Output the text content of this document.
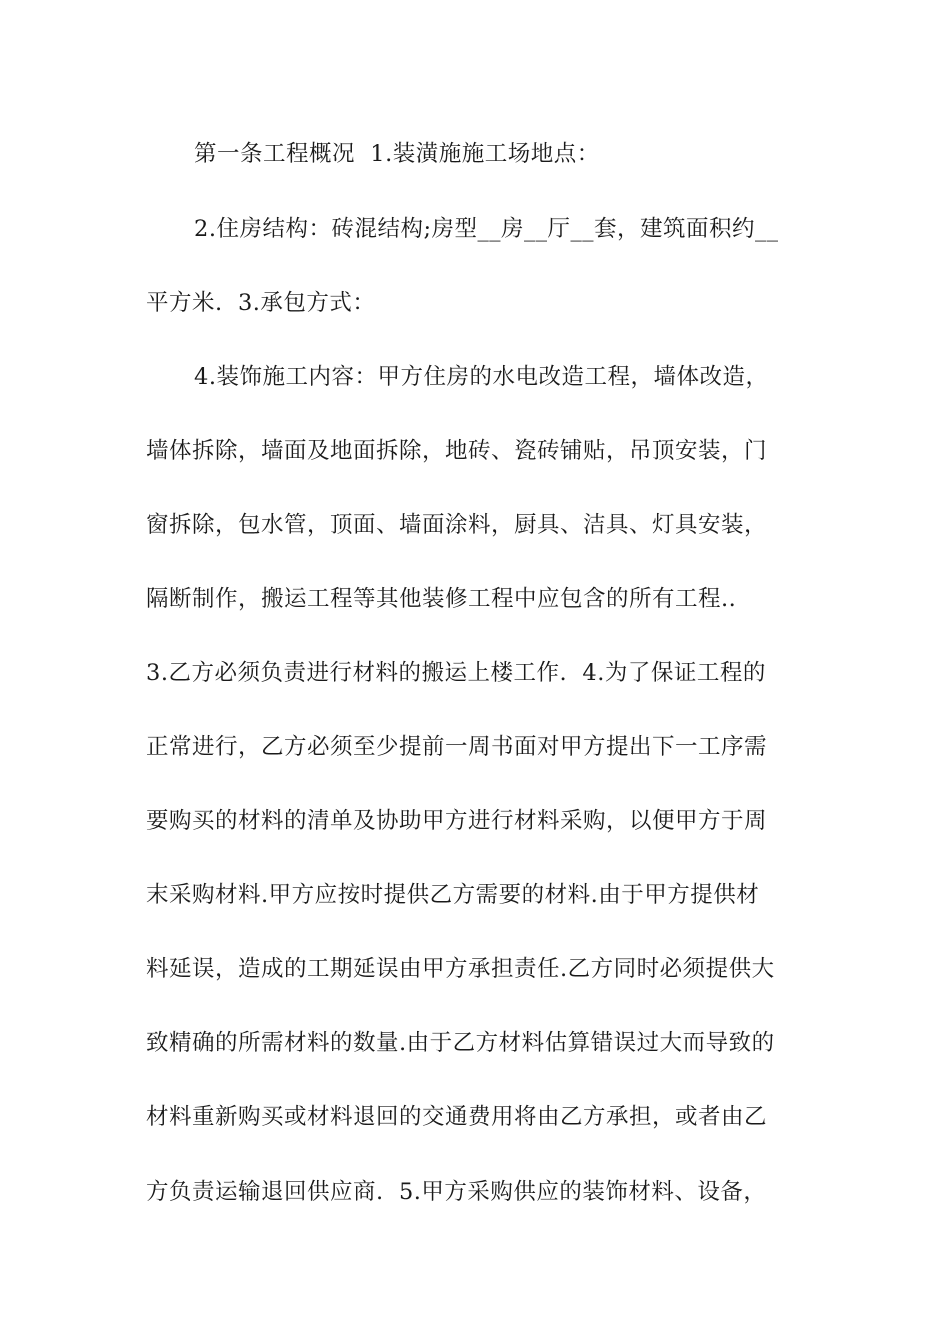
第一条工程概况  1.装潢施施工场地点：
2.住房结构：砖混结构;房型__房__厅__套，建筑面积约__
平方米.  3.承包方式：
4.装饰施工内容：甲方住房的水电改造工程，墙体改造，
墙体拆除，墙面及地面拆除，地砖、瓷砖铺贴，吊顶安装，门
窗拆除，包水管，顶面、墙面涂料，厨具、洁具、灯具安装，
隔断制作，搬运工程等其他装修工程中应包含的所有工程..
3.乙方必须负责进行材料的搬运上楼工作.  4.为了保证工程的
正常进行，乙方必须至少提前一周书面对甲方提出下一工序需
要购买的材料的清单及协助甲方进行材料采购，以便甲方于周
末采购材料.甲方应按时提供乙方需要的材料.由于甲方提供材
料延误，造成的工期延误由甲方承担责任.乙方同时必须提供大
致精确的所需材料的数量.由于乙方材料估算错误过大而导致的
材料重新购买或材料退回的交通费用将由乙方承担，或者由乙
方负责运输退回供应商.  5.甲方采购供应的装饰材料、设备，
